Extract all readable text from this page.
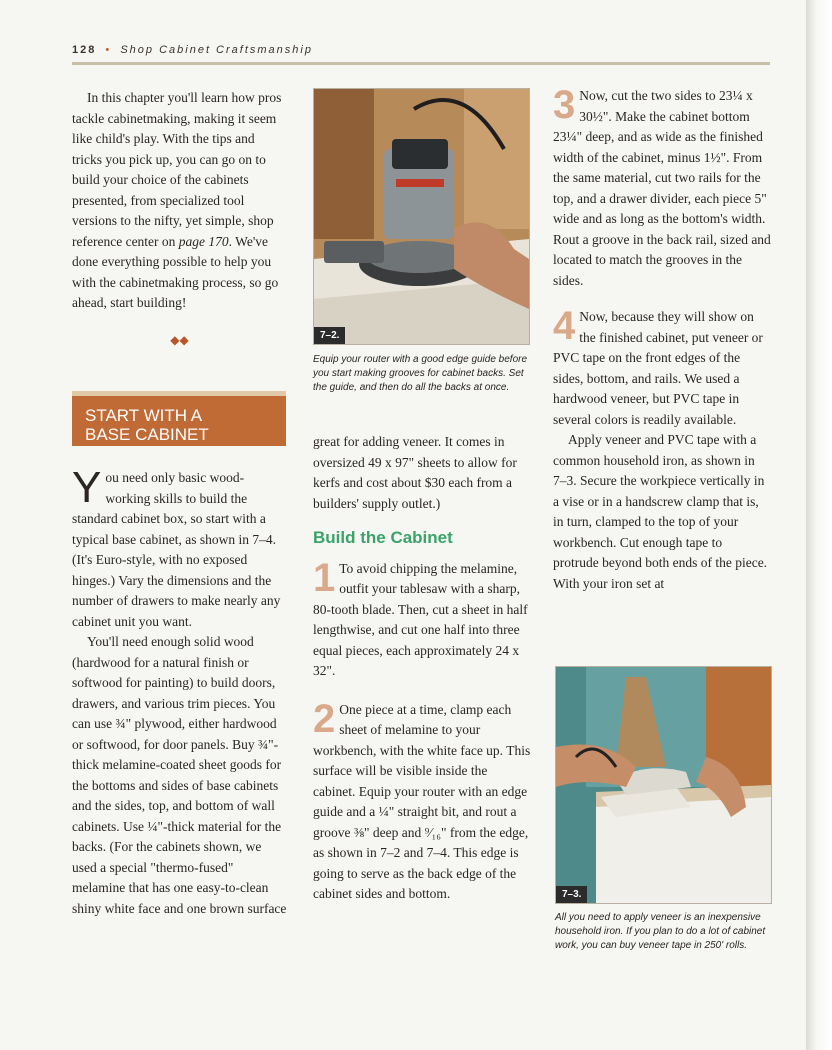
128 • Shop Cabinet Craftsmanship

In this chapter you'll learn how pros tackle cabinetmaking, making it seem like child's play. With the tips and tricks you pick up, you can go on to build your choice of the cabinets presented, from specialized tool versions to the nifty, yet simple, shop reference center on page 170. We've done everything possible to help you with the cabinetmaking process, so go ahead, start building!

◆◆
START WITH A
BASE CABINET

You need only basic wood-working skills to build the standard cabinet box, so start with a typical base cabinet, as shown in 7–4. (It's Euro-style, with no exposed hinges.) Vary the dimensions and the number of drawers to make nearly any cabinet unit you want.

You'll need enough solid wood (hardwood for a natural finish or softwood for painting) to build doors, drawers, and various trim pieces. You can use ¾" plywood, either hardwood or softwood, for door panels. Buy ¾"-thick melamine-coated sheet goods for the bottoms and sides of base cabinets and the sides, top, and bottom of wall cabinets. Use ¼"-thick material for the backs. (For the cabinets shown, we used a special "thermo-fused" melamine that has one easy-to-clean shiny white face and one brown surface

7–2.
Equip your router with a good edge guide before you start making grooves for cabinet backs. Set the guide, and then do all the backs at once.

great for adding veneer. It comes in oversized 49 x 97" sheets to allow for kerfs and cost about $30 each from a builders' supply outlet.)

Build the Cabinet

1 To avoid chipping the melamine, outfit your tablesaw with a sharp, 80-tooth blade. Then, cut a sheet in half lengthwise, and cut one half into three equal pieces, each approximately 24 x 32".

2 One piece at a time, clamp each sheet of melamine to your workbench, with the white face up. This surface will be visible inside the cabinet. Equip your router with an edge guide and a ¼" straight bit, and rout a groove ⅜" deep and ⁹⁄₁₆" from the edge, as shown in 7–2 and 7–4. This edge is going to serve as the back edge of the cabinet sides and bottom.

3 Now, cut the two sides to 23¼ x 30½". Make the cabinet bottom 23¼" deep, and as wide as the finished width of the cabinet, minus 1½". From the same material, cut two rails for the top, and a drawer divider, each piece 5" wide and as long as the bottom's width. Rout a groove in the back rail, sized and located to match the grooves in the sides.

4 Now, because they will show on the finished cabinet, put veneer or PVC tape on the front edges of the sides, bottom, and rails. We used a hardwood veneer, but PVC tape in several colors is readily available.

Apply veneer and PVC tape with a common household iron, as shown in 7–3. Secure the workpiece vertically in a vise or in a handscrew clamp that is, in turn, clamped to the top of your workbench. Cut enough tape to protrude beyond both ends of the piece. With your iron set at

7–3.
All you need to apply veneer is an inexpensive household iron. If you plan to do a lot of cabinet work, you can buy veneer tape in 250' rolls.
